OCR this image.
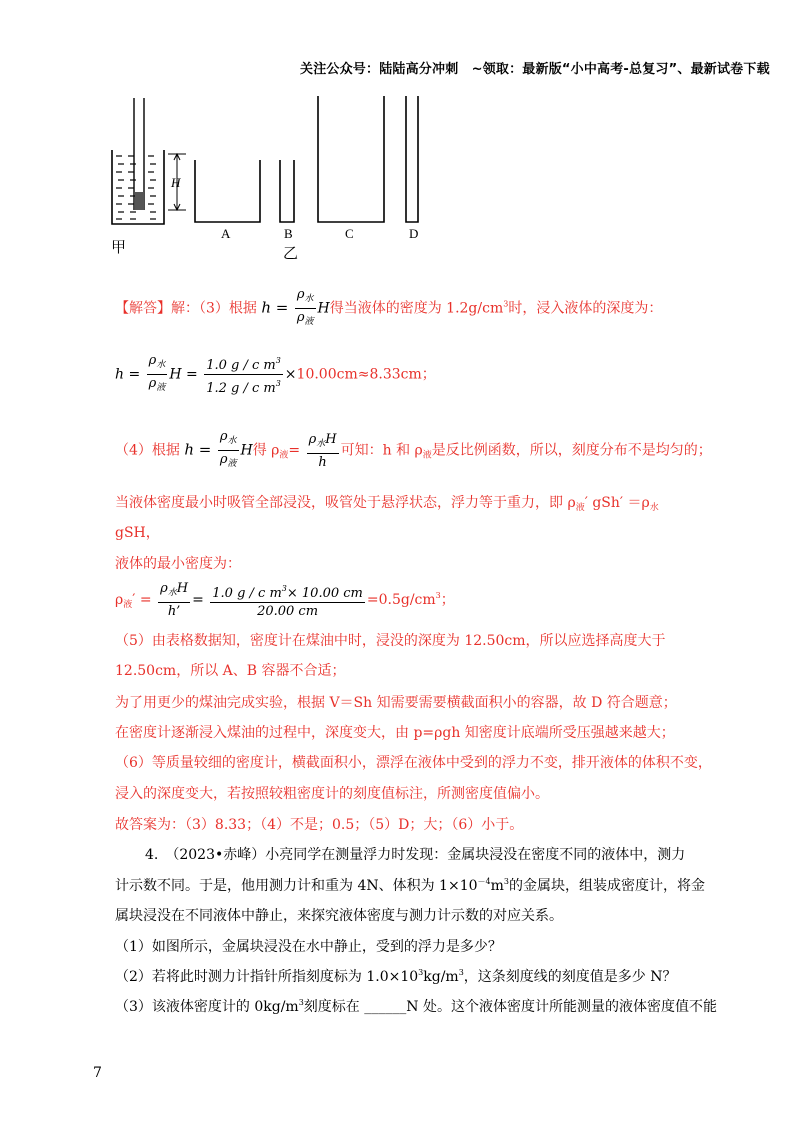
关注公众号：陆陆高分冲刺　~领取：最新版“小中高考-总复习”、最新试卷下载
H
甲
A	B
乙
C	D
【解答】解：（3）根据 $h = \frac{\rho_水}{\rho_液}$ H得当液体的密度为 $1.2g/cm^3$时，浸入液体的深度为：
$h = \frac{\rho_水}{\rho_液}$ $H = \frac{1.0 g / c m^3}{1.2 g / c m^3} \times 10.00cm\approx 8.33cm$；
（4）根据 $h = \frac{\rho_水}{\rho_液}$ H得 $\rho_液= \frac{\rho_水H}{h}$ 可知：h 和 $\rho_液$是反比例函数，所以，刻度分布不是均匀的；
当液体密度最小时吸管全部浸没，吸管处于悬浮状态，浮力等于重力，即 $\rho_液'$ $gSh' =\rho_水$
gSH，
液体的最小密度为：
$\rho_液' = \frac{\rho_水H}{h’} = \frac{1.0 g / c m^3\times 10.00 cm}{20.00 cm} =0.5g/cm^3$；
（5）由表格数据知，密度计在煤油中时，浸没的深度为 12.50cm，所以应选择高度大于
12.50cm，所以 A、B 容器不合适；
为了用更少的煤油完成实验，根据 V＝Sh 知需要需要横截面积小的容器，故 D 符合题意；
在密度计逐渐浸入煤油的过程中，深度变大，由 p=ρgh 知密度计底端所受压强越来越大；
（6）等质量较细的密度计，横截面积小，漂浮在液体中受到的浮力不变，排开液体的体积不变，
浸入的深度变大，若按照较粗密度计的刻度值标注，所测密度值偏小。
故答案为：（3）8.33；（4）不是；0.5；（5）D；大；（6）小于。
4.　（2023•赤峰）小亮同学在测量浮力时发现：金属块浸没在密度不同的液体中，测力
计示数不同。于是，他用测力计和重为 4N、体积为 $1\times 10^{-4}m^3$的金属块，组装成密度计，将金
属块浸没在不同液体中静止，来探究液体密度与测力计示数的对应关系。
（1）如图所示，金属块浸没在水中静止，受到的浮力是多少？
（2）若将此时测力计指针所指刻度标为 $1.0\times 10^3kg/m^3$，这条刻度线的刻度值是多少 N？
（3）该液体密度计的 $0kg/m^3$刻度标在 ______N 处。这个液体密度计所能测量的液体密度值不能
7
